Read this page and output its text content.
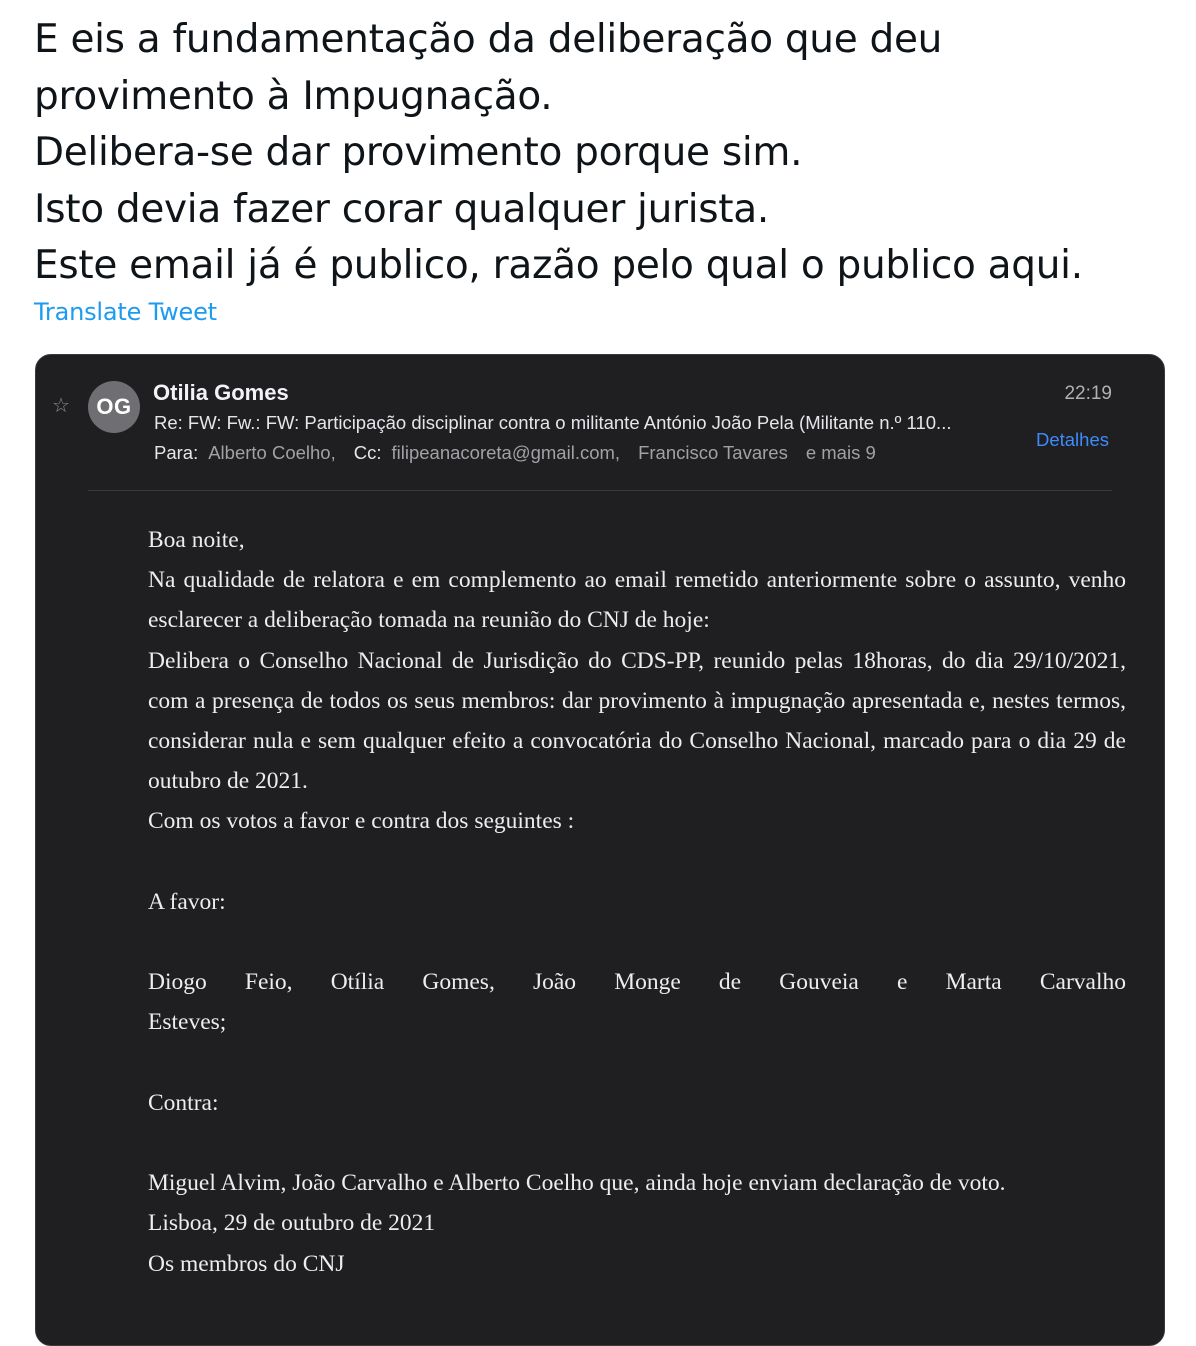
E eis a fundamentação da deliberação que deu
provimento à Impugnação.
Delibera-se dar provimento porque sim.
Isto devia fazer corar qualquer jurista.
Este email já é publico, razão pelo qual o publico aqui.
Translate Tweet
☆	OG
Otilia Gomes	22:19
Re: FW: Fw.: FW: Participação disciplinar contra o militante António João Pela (Militante n.º 110...
Para: Alberto Coelho, Cc: filipeanacoreta@gmail.com, Francisco Tavares e mais 9
Detalhes

Boa noite,

Na qualidade de relatora e em complemento ao email remetido anteriormente sobre o assunto, venho esclarecer a deliberação tomada na reunião do CNJ de hoje:

Delibera o Conselho Nacional de Jurisdição do CDS-PP, reunido pelas 18horas, do dia 29/10/2021, com a presença de todos os seus membros: dar provimento à impugnação apresentada e, nestes termos, considerar nula e sem qualquer efeito a convocatória do Conselho Nacional, marcado para o dia 29 de outubro de 2021.

Com os votos a favor e contra dos seguintes :

A favor:

Diogo Feio, Otília Gomes, João Monge de Gouveia e Marta Carvalho

Esteves;

Contra:

Miguel Alvim, João Carvalho e Alberto Coelho que, ainda hoje enviam declaração de voto.

Lisboa, 29 de outubro de 2021

Os membros do CNJ
